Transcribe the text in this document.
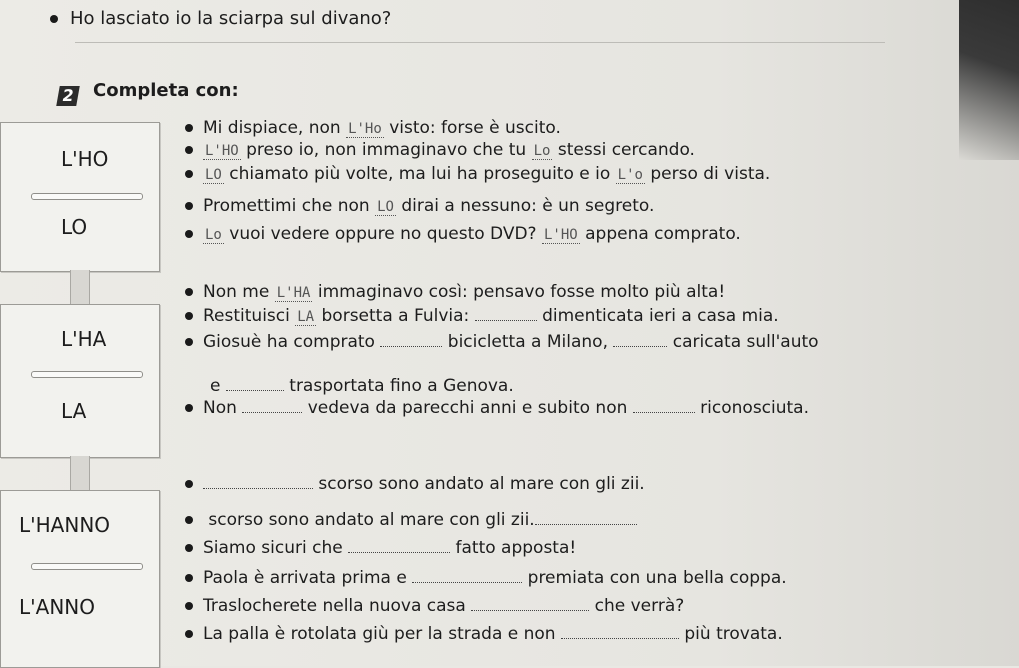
Ho lasciato io la sciarpa sul divano?
2 Completa con:
L'HO
LO
L'HA
LA
L'HANNO
L'ANNO
Mi dispiace, non L'Ho visto: forse è uscito.
L'HO preso io, non immaginavo che tu Lo stessi cercando.
LO chiamato più volte, ma lui ha proseguito e io L'o perso di vista.
Promettimi che non LO dirai a nessuno: è un segreto.
Lo vuoi vedere oppure no questo DVD? L'HO appena comprato.
Non me L'HA immaginavo così: pensavo fosse molto più alta!
Restituisci LA borsetta a Fulvia:	dimenticata ieri a casa mia.
Giosuè ha comprato	bicicletta a Milano,	caricata sull'auto
e	trasportata fino a Genova.
Non	vedeva da parecchi anni e subito non	riconosciuta.
scorso sono andato al mare con gli zii.
scorso sono andato al mare con gli zii.
Siamo sicuri che	fatto apposta!
Paola è arrivata prima e	premiata con una bella coppa.
Traslocherete nella nuova casa	che verrà?
La palla è rotolata giù per la strada e non	più trovata.
